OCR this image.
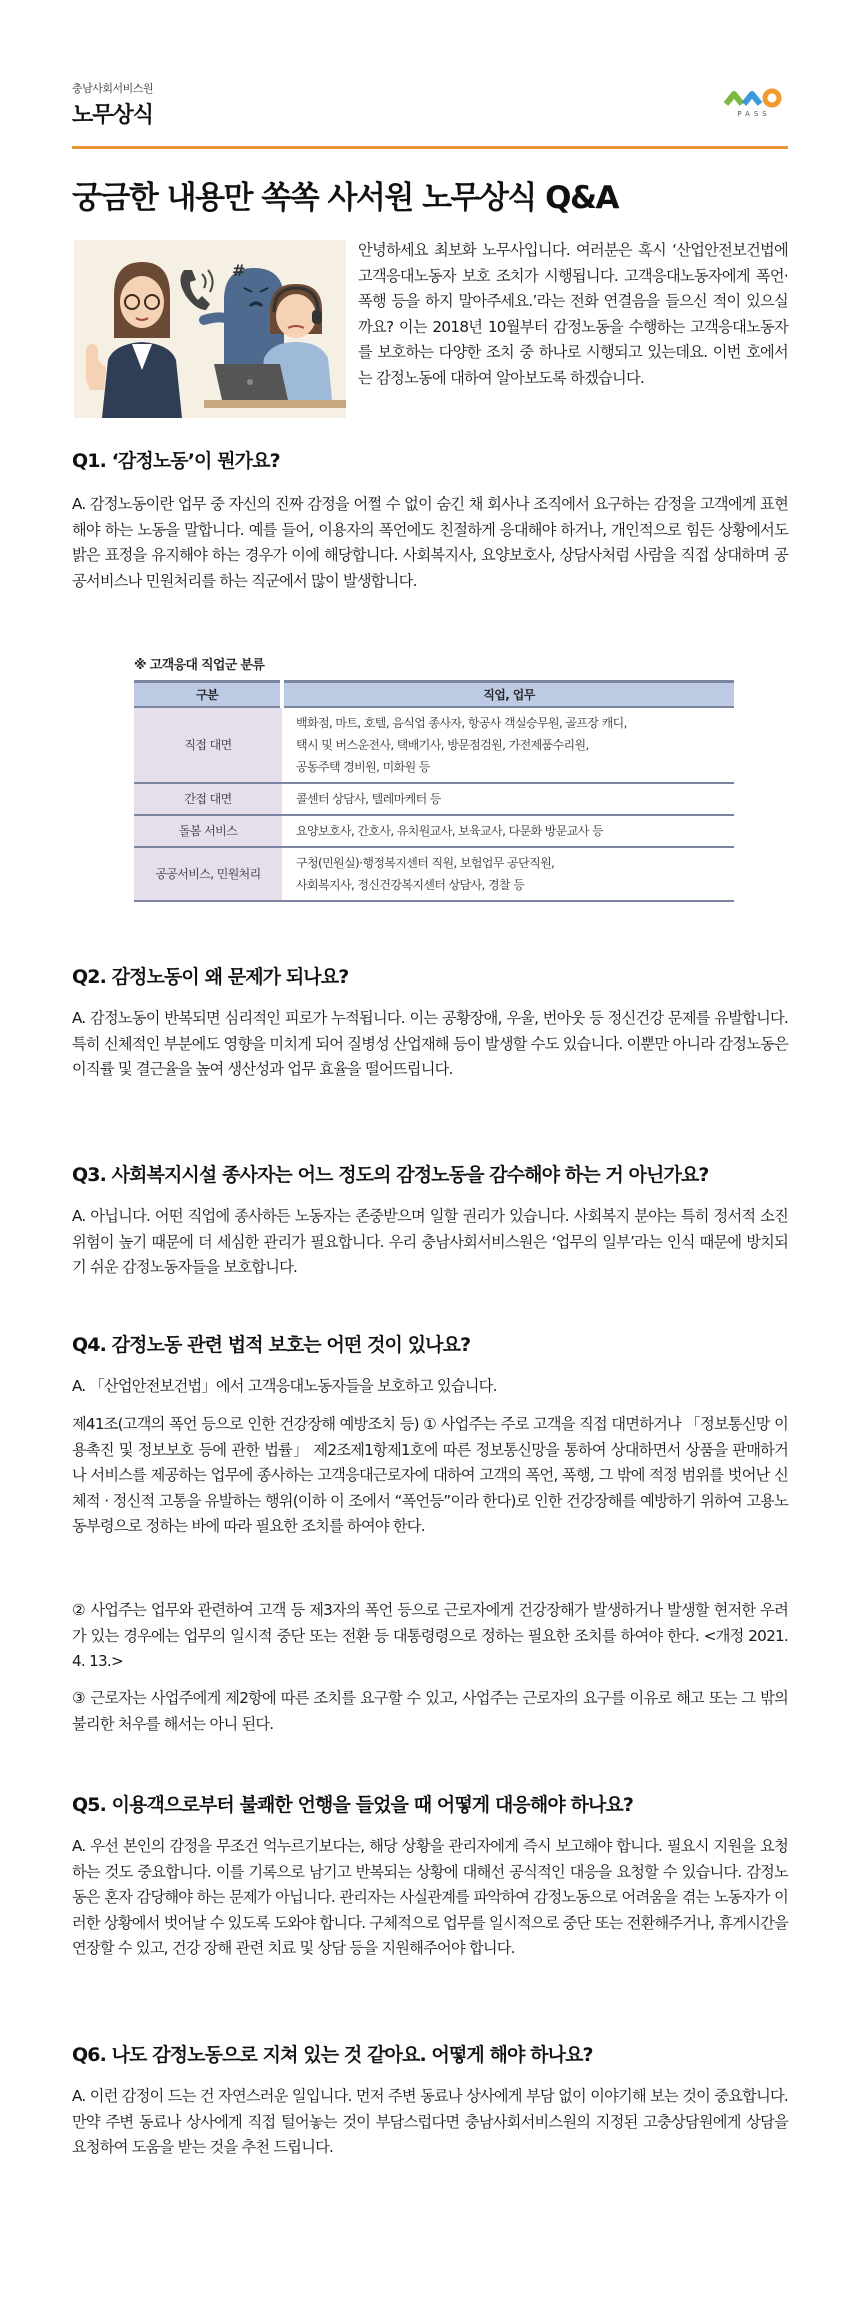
충남사회서비스원
노무상식	PASS
궁금한 내용만 쏙쏙 사서원 노무상식 Q&A
#
안녕하세요 최보화 노무사입니다. 여러분은 혹시 ‘산업안전보건법에 고객응대노동자 보호 조치가 시행됩니다. 고객응대노동자에게 폭언·폭행 등을 하지 말아주세요.’라는 전화 연결음을 들으신 적이 있으실까요? 이는 2018년 10월부터 감정노동을 수행하는 고객응대노동자를 보호하는 다양한 조치 중 하나로 시행되고 있는데요. 이번 호에서는 감정노동에 대하여 알아보도록 하겠습니다.
Q1. ‘감정노동’이 뭔가요?
A. 감정노동이란 업무 중 자신의 진짜 감정을 어쩔 수 없이 숨긴 채 회사나 조직에서 요구하는 감정을 고객에게 표현해야 하는 노동을 말합니다. 예를 들어, 이용자의 폭언에도 친절하게 응대해야 하거나, 개인적으로 힘든 상황에서도 밝은 표정을 유지해야 하는 경우가 이에 해당합니다. 사회복지사, 요양보호사, 상담사처럼 사람을 직접 상대하며 공공서비스나 민원처리를 하는 직군에서 많이 발생합니다.
※ 고객응대 직업군 분류
구분	직업, 업무
직접 대면	백화점, 마트, 호텔, 음식업 종사자, 항공사 객실승무원, 골프장 캐디,
택시 및 버스운전사, 택배기사, 방문점검원, 가전제품수리원,
공동주택 경비원, 미화원 등

간접 대면	콜센터 상담사, 텔레마케터 등

돌봄 서비스	요양보호사, 간호사, 유치원교사, 보육교사, 다문화 방문교사 등

공공서비스, 민원처리	구청(민원실)·행정복지센터 직원, 보험업무 공단직원,
사회복지사, 정신건강복지센터 상담사, 경찰 등
Q2. 감정노동이 왜 문제가 되나요?
A. 감정노동이 반복되면 심리적인 피로가 누적됩니다. 이는 공황장애, 우울, 번아웃 등 정신건강 문제를 유발합니다. 특히 신체적인 부분에도 영향을 미치게 되어 질병성 산업재해 등이 발생할 수도 있습니다. 이뿐만 아니라 감정노동은 이직률 및 결근율을 높여 생산성과 업무 효율을 떨어뜨립니다.
Q3. 사회복지시설 종사자는 어느 정도의 감정노동을 감수해야 하는 거 아닌가요?
A. 아닙니다. 어떤 직업에 종사하든 노동자는 존중받으며 일할 권리가 있습니다. 사회복지 분야는 특히 정서적 소진 위험이 높기 때문에 더 세심한 관리가 필요합니다. 우리 충남사회서비스원은 ‘업무의 일부’라는 인식 때문에 방치되기 쉬운 감정노동자들을 보호합니다.
Q4. 감정노동 관련 법적 보호는 어떤 것이 있나요?
A. 「산업안전보건법」에서 고객응대노동자들을 보호하고 있습니다.
제41조(고객의 폭언 등으로 인한 건강장해 예방조치 등) ① 사업주는 주로 고객을 직접 대면하거나 「정보통신망 이용촉진 및 정보보호 등에 관한 법률」 제2조제1항제1호에 따른 정보통신망을 통하여 상대하면서 상품을 판매하거나 서비스를 제공하는 업무에 종사하는 고객응대근로자에 대하여 고객의 폭언, 폭행, 그 밖에 적정 범위를 벗어난 신체적 · 정신적 고통을 유발하는 행위(이하 이 조에서 “폭언등”이라 한다)로 인한 건강장해를 예방하기 위하여 고용노동부령으로 정하는 바에 따라 필요한 조치를 하여야 한다.
② 사업주는 업무와 관련하여 고객 등 제3자의 폭언 등으로 근로자에게 건강장해가 발생하거나 발생할 현저한 우려가 있는 경우에는 업무의 일시적 중단 또는 전환 등 대통령령으로 정하는 필요한 조치를 하여야 한다. <개정 2021. 4. 13.>
③ 근로자는 사업주에게 제2항에 따른 조치를 요구할 수 있고, 사업주는 근로자의 요구를 이유로 해고 또는 그 밖의 불리한 처우를 해서는 아니 된다.
Q5. 이용객으로부터 불쾌한 언행을 들었을 때 어떻게 대응해야 하나요?
A. 우선 본인의 감정을 무조건 억누르기보다는, 해당 상황을 관리자에게 즉시 보고해야 합니다. 필요시 지원을 요청하는 것도 중요합니다. 이를 기록으로 남기고 반복되는 상황에 대해선 공식적인 대응을 요청할 수 있습니다. 감정노동은 혼자 감당해야 하는 문제가 아닙니다. 관리자는 사실관계를 파악하여 감정노동으로 어려움을 겪는 노동자가 이러한 상황에서 벗어날 수 있도록 도와야 합니다. 구체적으로 업무를 일시적으로 중단 또는 전환해주거나, 휴게시간을 연장할 수 있고, 건강 장해 관련 치료 및 상담 등을 지원해주어야 합니다.
Q6. 나도 감정노동으로 지쳐 있는 것 같아요. 어떻게 해야 하나요?
A. 이런 감정이 드는 건 자연스러운 일입니다. 먼저 주변 동료나 상사에게 부담 없이 이야기해 보는 것이 중요합니다. 만약 주변 동료나 상사에게 직접 털어놓는 것이 부담스럽다면 충남사회서비스원의 지정된 고충상담원에게 상담을 요청하여 도움을 받는 것을 추천 드립니다.
